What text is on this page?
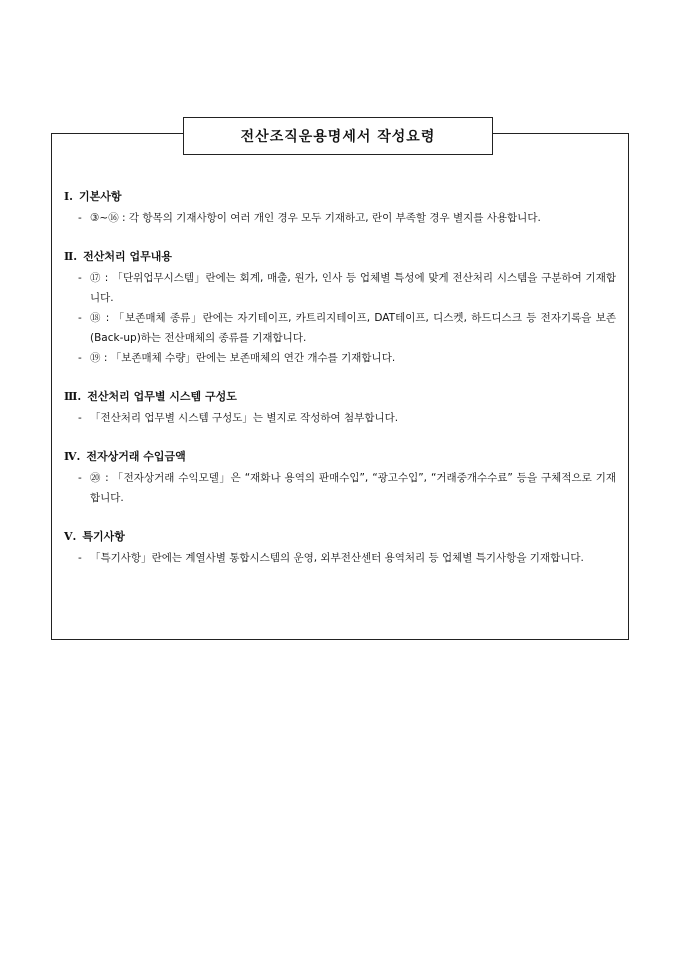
전산조직운용명세서 작성요령
Ⅰ. 기본사항
- ③~⑯ : 각 항목의 기재사항이 여러 개인 경우 모두 기재하고, 란이 부족할 경우 별지를 사용합니다.
Ⅱ. 전산처리 업무내용
- ⑰ : 「단위업무시스템」란에는 회계, 매출, 원가, 인사 등 업체별 특성에 맞게 전산처리 시스템을 구분하여 기재합니다.
- ⑱ : 「보존매체 종류」란에는 자기테이프, 카트리지테이프, DAT테이프, 디스켓, 하드디스크 등 전자기록을 보존(Back-up)하는 전산매체의 종류를 기재합니다.
- ⑲ : 「보존매체 수량」란에는 보존매체의 연간 개수를 기재합니다.
Ⅲ. 전산처리 업무별 시스템 구성도
- 「전산처리 업무별 시스템 구성도」는 별지로 작성하여 첨부합니다.
Ⅳ. 전자상거래 수입금액
- ⑳ : 「전자상거래 수익모델」은 “재화나 용역의 판매수입”, “광고수입”, “거래중개수수료” 등을 구체적으로 기재합니다.
Ⅴ. 특기사항
- 「특기사항」란에는 계열사별 통합시스템의 운영, 외부전산센터 용역처리 등 업체별 특기사항을 기재합니다.
